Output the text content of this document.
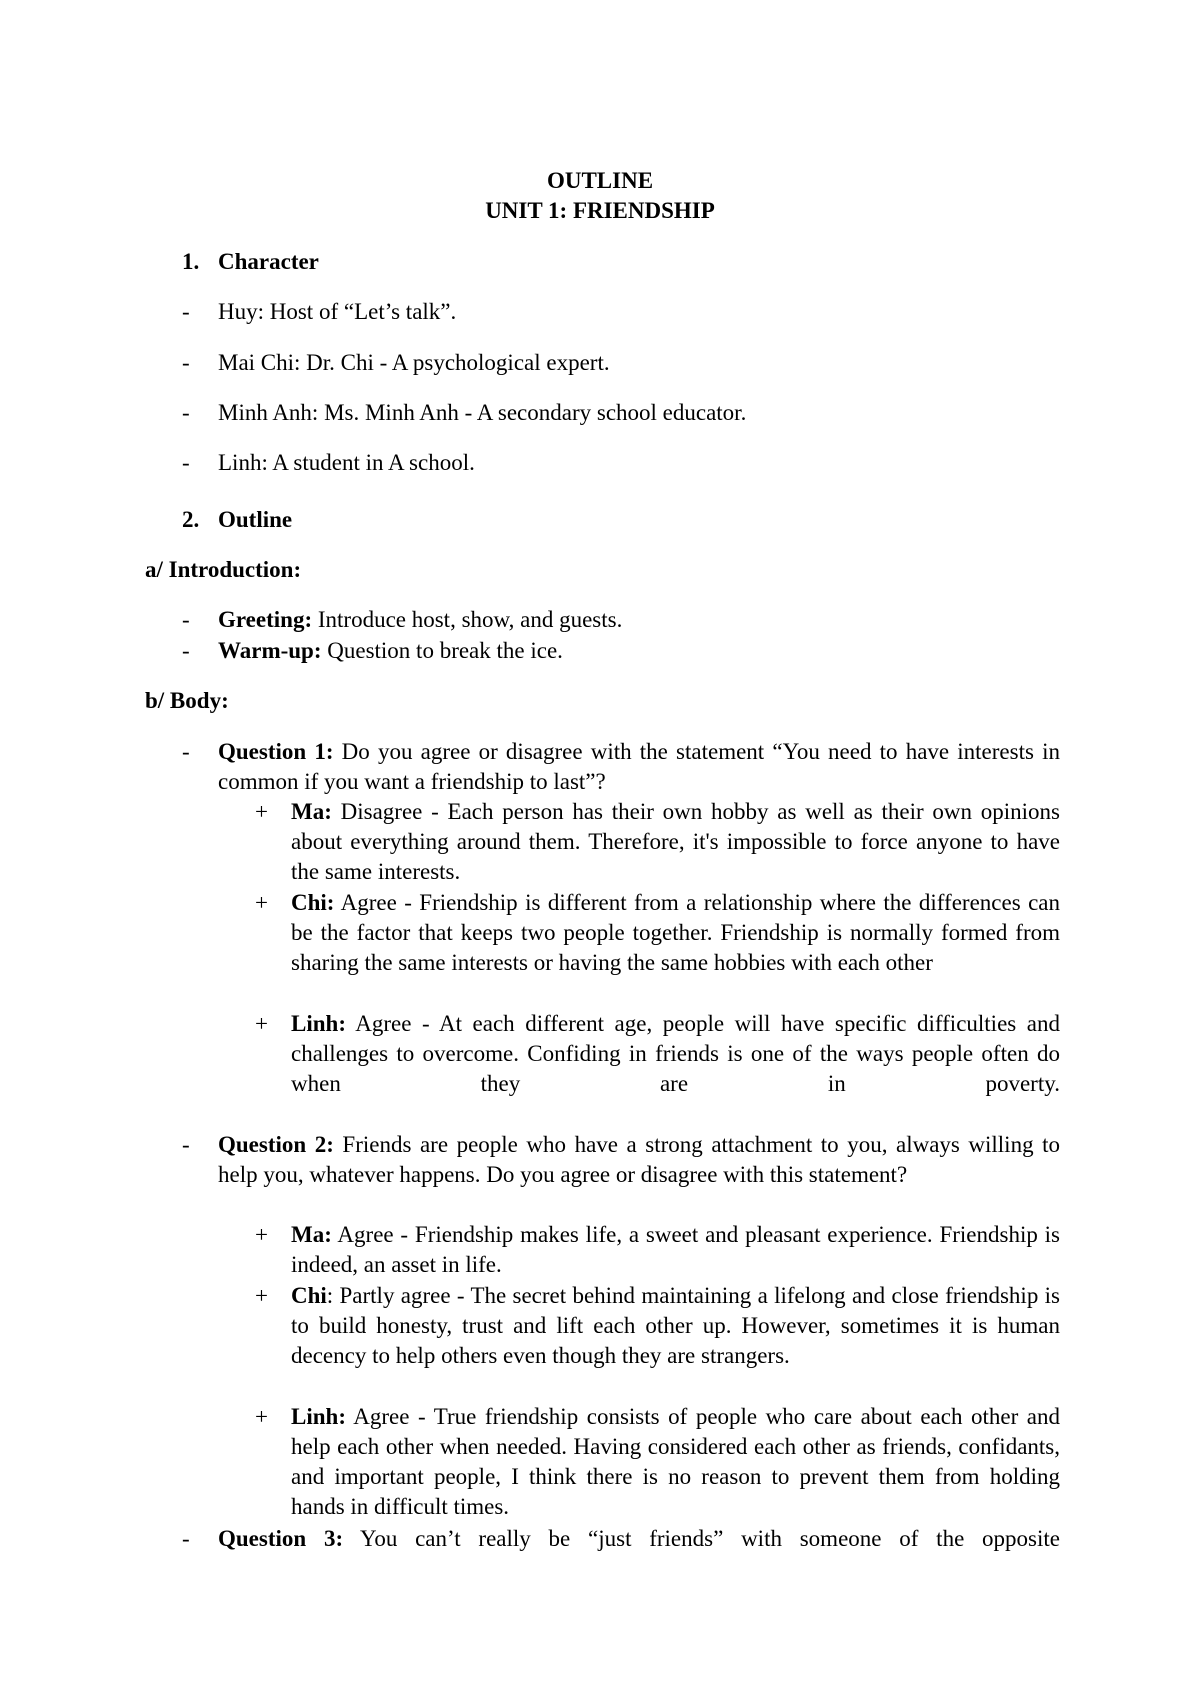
OUTLINE
UNIT 1: FRIENDSHIP
1. Character
- Huy: Host of “Let’s talk”.
- Mai Chi: Dr. Chi - A psychological expert.
- Minh Anh: Ms. Minh Anh - A secondary school educator.
- Linh: A student in A school.
2. Outline
a/ Introduction:
- Greeting: Introduce host, show, and guests.
- Warm-up: Question to break the ice.
b/ Body:
- Question 1: Do you agree or disagree with the statement “You need to have interests in common if you want a friendship to last”?
+ Ma: Disagree - Each person has their own hobby as well as their own opinions about everything around them. Therefore, it's impossible to force anyone to have the same interests.
+ Chi: Agree - Friendship is different from a relationship where the differences can be the factor that keeps two people together. Friendship is normally formed from sharing the same interests or having the same hobbies with each other
+ Linh: Agree - At each different age, people will have specific difficulties and challenges to overcome. Confiding in friends is one of the ways people often do when they are in poverty.
- Question 2: Friends are people who have a strong attachment to you, always willing to help you, whatever happens. Do you agree or disagree with this statement?
+ Ma: Agree - Friendship makes life, a sweet and pleasant experience. Friendship is indeed, an asset in life.
+ Chi: Partly agree - The secret behind maintaining a lifelong and close friendship is to build honesty, trust and lift each other up. However, sometimes it is human decency to help others even though they are strangers.
+ Linh: Agree - True friendship consists of people who care about each other and help each other when needed. Having considered each other as friends, confidants, and important people, I think there is no reason to prevent them from holding hands in difficult times.
- Question 3: You can’t really be “just friends” with someone of the opposite
